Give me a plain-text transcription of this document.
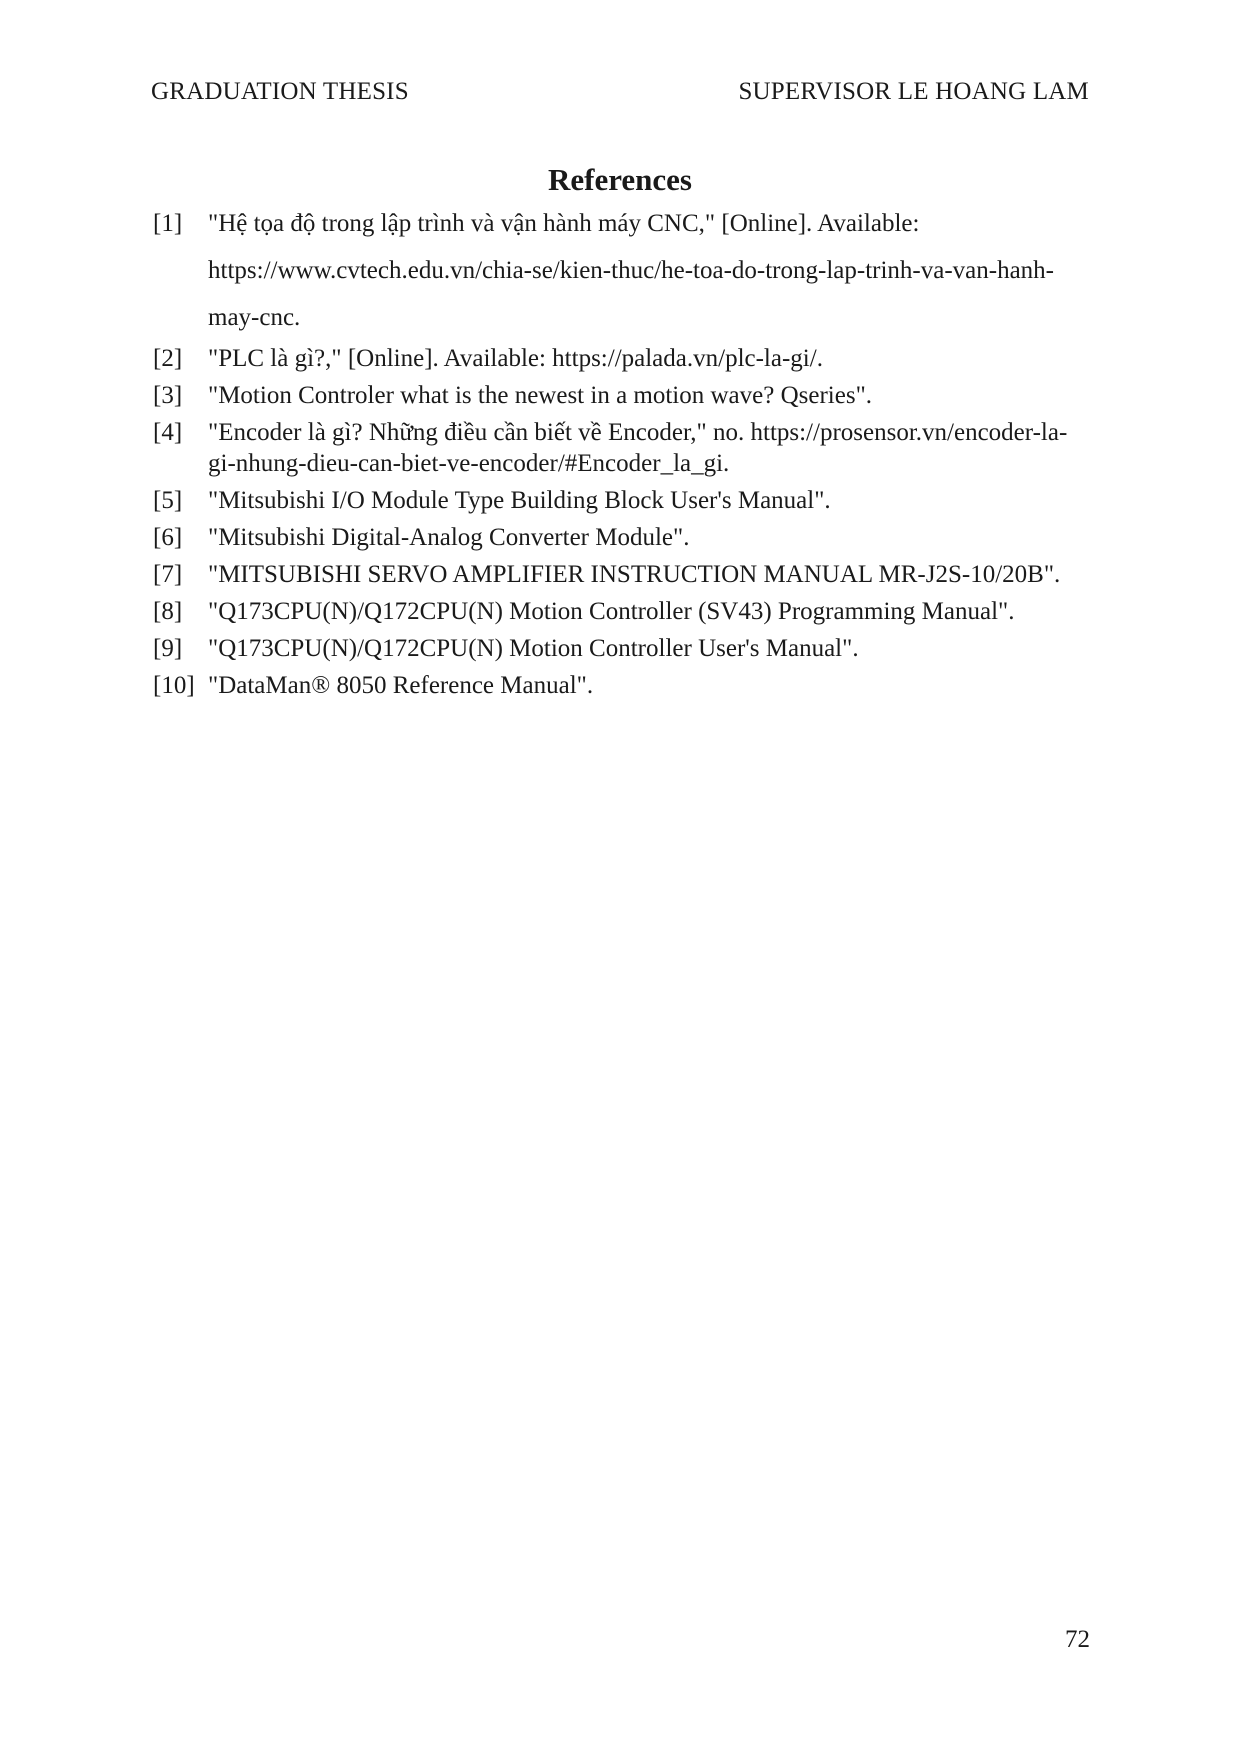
GRADUATION THESIS	SUPERVISOR LE HOANG LAM
References
[1] "Hệ tọa độ trong lập trình và vận hành máy CNC," [Online]. Available: https://www.cvtech.edu.vn/chia-se/kien-thuc/he-toa-do-trong-lap-trinh-va-van-hanh-may-cnc.
[2] "PLC là gì?," [Online]. Available: https://palada.vn/plc-la-gi/.
[3] "Motion Controler what is the newest in a motion wave? Qseries".
[4] "Encoder là gì? Những điều cần biết về Encoder," no. https://prosensor.vn/encoder-la-gi-nhung-dieu-can-biet-ve-encoder/#Encoder_la_gi.
[5] "Mitsubishi I/O Module Type Building Block User's Manual".
[6] "Mitsubishi Digital-Analog Converter Module".
[7] "MITSUBISHI SERVO AMPLIFIER INSTRUCTION MANUAL MR-J2S-10/20B".
[8] "Q173CPU(N)/Q172CPU(N) Motion Controller (SV43) Programming Manual".
[9] "Q173CPU(N)/Q172CPU(N) Motion Controller User's Manual".
[10] "DataMan® 8050 Reference Manual".
72
